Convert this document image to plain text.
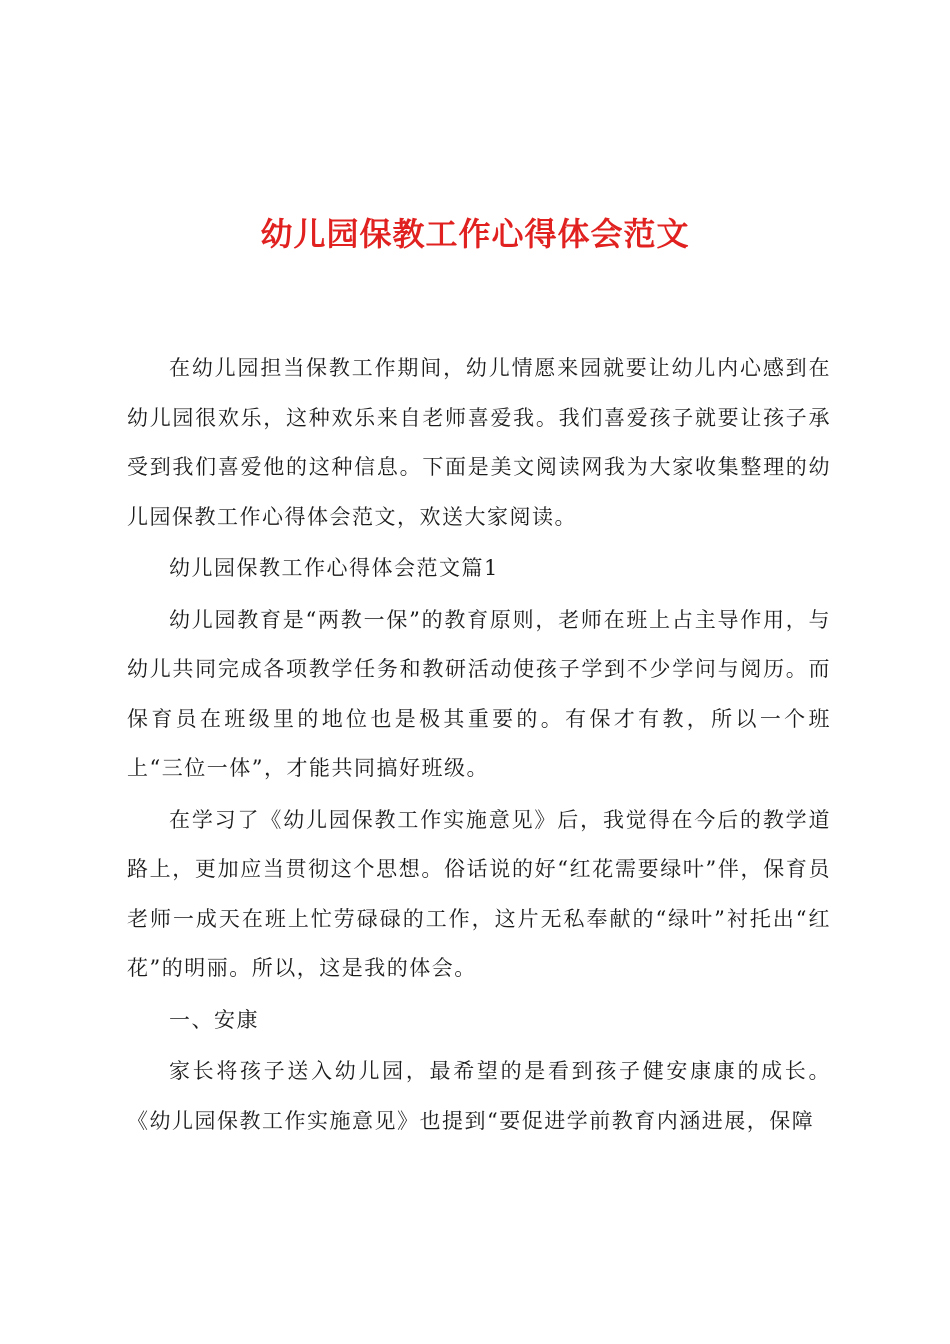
幼儿园保教工作心得体会范文

在幼儿园担当保教工作期间，幼儿情愿来园就要让幼儿内心感到在幼儿园很欢乐，这种欢乐来自老师喜爱我。我们喜爱孩子就要让孩子承受到我们喜爱他的这种信息。下面是美文阅读网我为大家收集整理的幼儿园保教工作心得体会范文，欢送大家阅读。

幼儿园保教工作心得体会范文篇1

幼儿园教育是“两教一保”的教育原则，老师在班上占主导作用，与幼儿共同完成各项教学任务和教研活动使孩子学到不少学问与阅历。而保育员在班级里的地位也是极其重要的。有保才有教，所以一个班上“三位一体”，才能共同搞好班级。

在学习了《幼儿园保教工作实施意见》后，我觉得在今后的教学道路上，更加应当贯彻这个思想。俗话说的好“红花需要绿叶”伴，保育员老师一成天在班上忙劳碌碌的工作，这片无私奉献的“绿叶”衬托出“红花”的明丽。所以，这是我的体会。

一、安康

家长将孩子送入幼儿园，最希望的是看到孩子健安康康的成长。《幼儿园保教工作实施意见》也提到“要促进学前教育内涵进展，保障
